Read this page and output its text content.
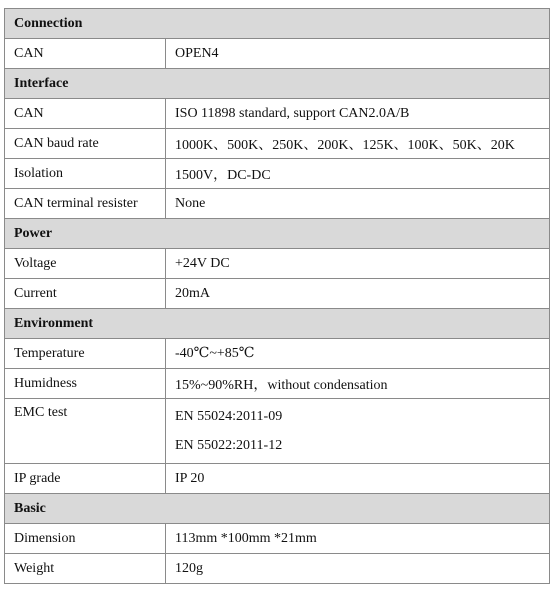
Connection	
CAN	OPEN4
Interface	
CAN	ISO 11898 standard, support CAN2.0A/B
CAN baud rate	1000K、500K、250K、200K、125K、100K、50K、20K
Isolation	1500V，DC-DC
CAN terminal resister	None
Power	
Voltage	+24V DC
Current	20mA
Environment	
Temperature	-40℃~+85℃
Humidness	15%~90%RH，without condensation
EMC test	EN 55024:2011-09
EN 55022:2011-12

IP grade	IP 20
Basic	
Dimension	113mm *100mm *21mm
Weight	120g
